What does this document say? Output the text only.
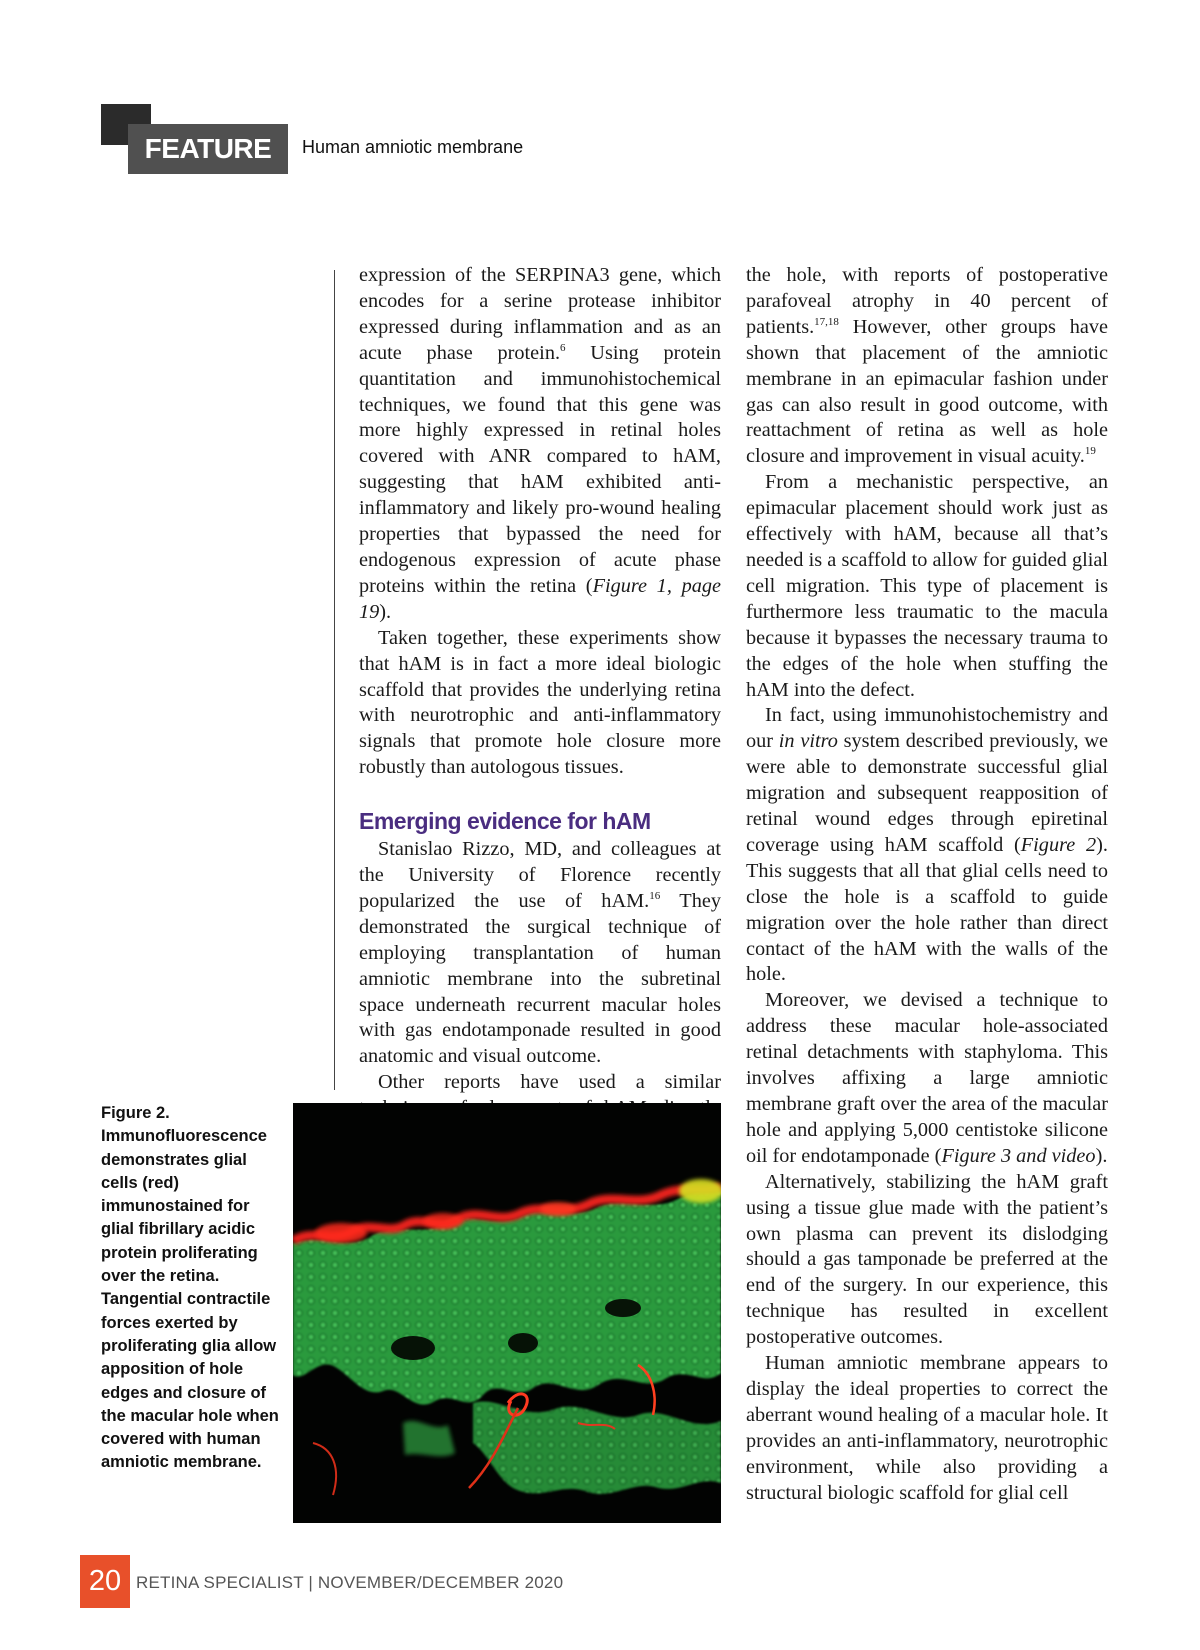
FEATURE	Human amniotic membrane

expression of the SERPINA3 gene, which encodes for a serine protease inhibitor expressed during inflammation and as an acute phase protein.$^6$ Using protein quantitation and immunohistochemical techniques, we found that this gene was more highly expressed in retinal holes covered with ANR compared to hAM, suggesting that hAM exhibited anti-inflammatory and likely pro-wound healing properties that bypassed the need for endogenous expression of acute phase proteins within the retina (Figure 1, page 19).

Taken together, these experiments show that hAM is in fact a more ideal biologic scaffold that provides the underlying retina with neurotrophic and anti-inflammatory signals that promote hole closure more robustly than autologous tissues.

Emerging evidence for hAM

Stanislao Rizzo, MD, and colleagues at the University of Florence recently popularized the use of hAM.$^{16}$ They demonstrated the surgical technique of employing transplantation of human amniotic membrane into the subretinal space underneath recurrent macular holes with gas endotamponade resulted in good anatomic and visual outcome.

Other reports have used a similar

the hole, with reports of postoperative parafoveal atrophy in 40 percent of patients.$^{17,18}$ However, other groups have shown that placement of the amniotic membrane in an epimacular fashion under gas can also result in good outcome, with reattachment of retina as well as hole closure and improvement in visual acuity.$^{19}$

From a mechanistic perspective, an epimacular placement should work just as effectively with hAM, because all that’s needed is a scaffold to allow for guided glial cell migration. This type of placement is furthermore less traumatic to the macula because it bypasses the necessary trauma to the edges of the hole when stuffing the hAM into the defect.

In fact, using immunohistochemistry and our in vitro system described previously, we were able to demonstrate successful glial migration and subsequent reapposition of retinal wound edges through epiretinal coverage using hAM scaffold (Figure 2). This suggests that all that glial cells need to close the hole is a scaffold to guide migration over the hole rather than direct contact of the hAM with the walls of the hole.

Moreover, we devised a technique to address these macular hole-associated retinal detachments with staphyloma. This involves affixing a large amniotic membrane graft over the area of the macular hole and applying 5,000 centistoke silicone oil for endotamponade (Figure 3 and video).

Alternatively, stabilizing the hAM graft using a tissue glue made with the patient’s own plasma can prevent its dislodging should a gas tamponade be preferred at the end of the surgery. In our experience, this technique has resulted in excellent postoperative outcomes.

Human amniotic membrane appears to display the ideal properties to correct the aberrant wound healing of a macular hole. It provides an anti-inflammatory, neurotrophic environment, while also providing a structural biologic scaffold for glial cell

Figure 2. Immunofluorescence demonstrates glial cells (red) immunostained for glial fibrillary acidic protein proliferating over the retina. Tangential contractile forces exerted by proliferating glia allow apposition of hole edges and closure of the macular hole when covered with human amniotic membrane.
20 RETINA SPECIALIST | NOVEMBER/DECEMBER 2020
